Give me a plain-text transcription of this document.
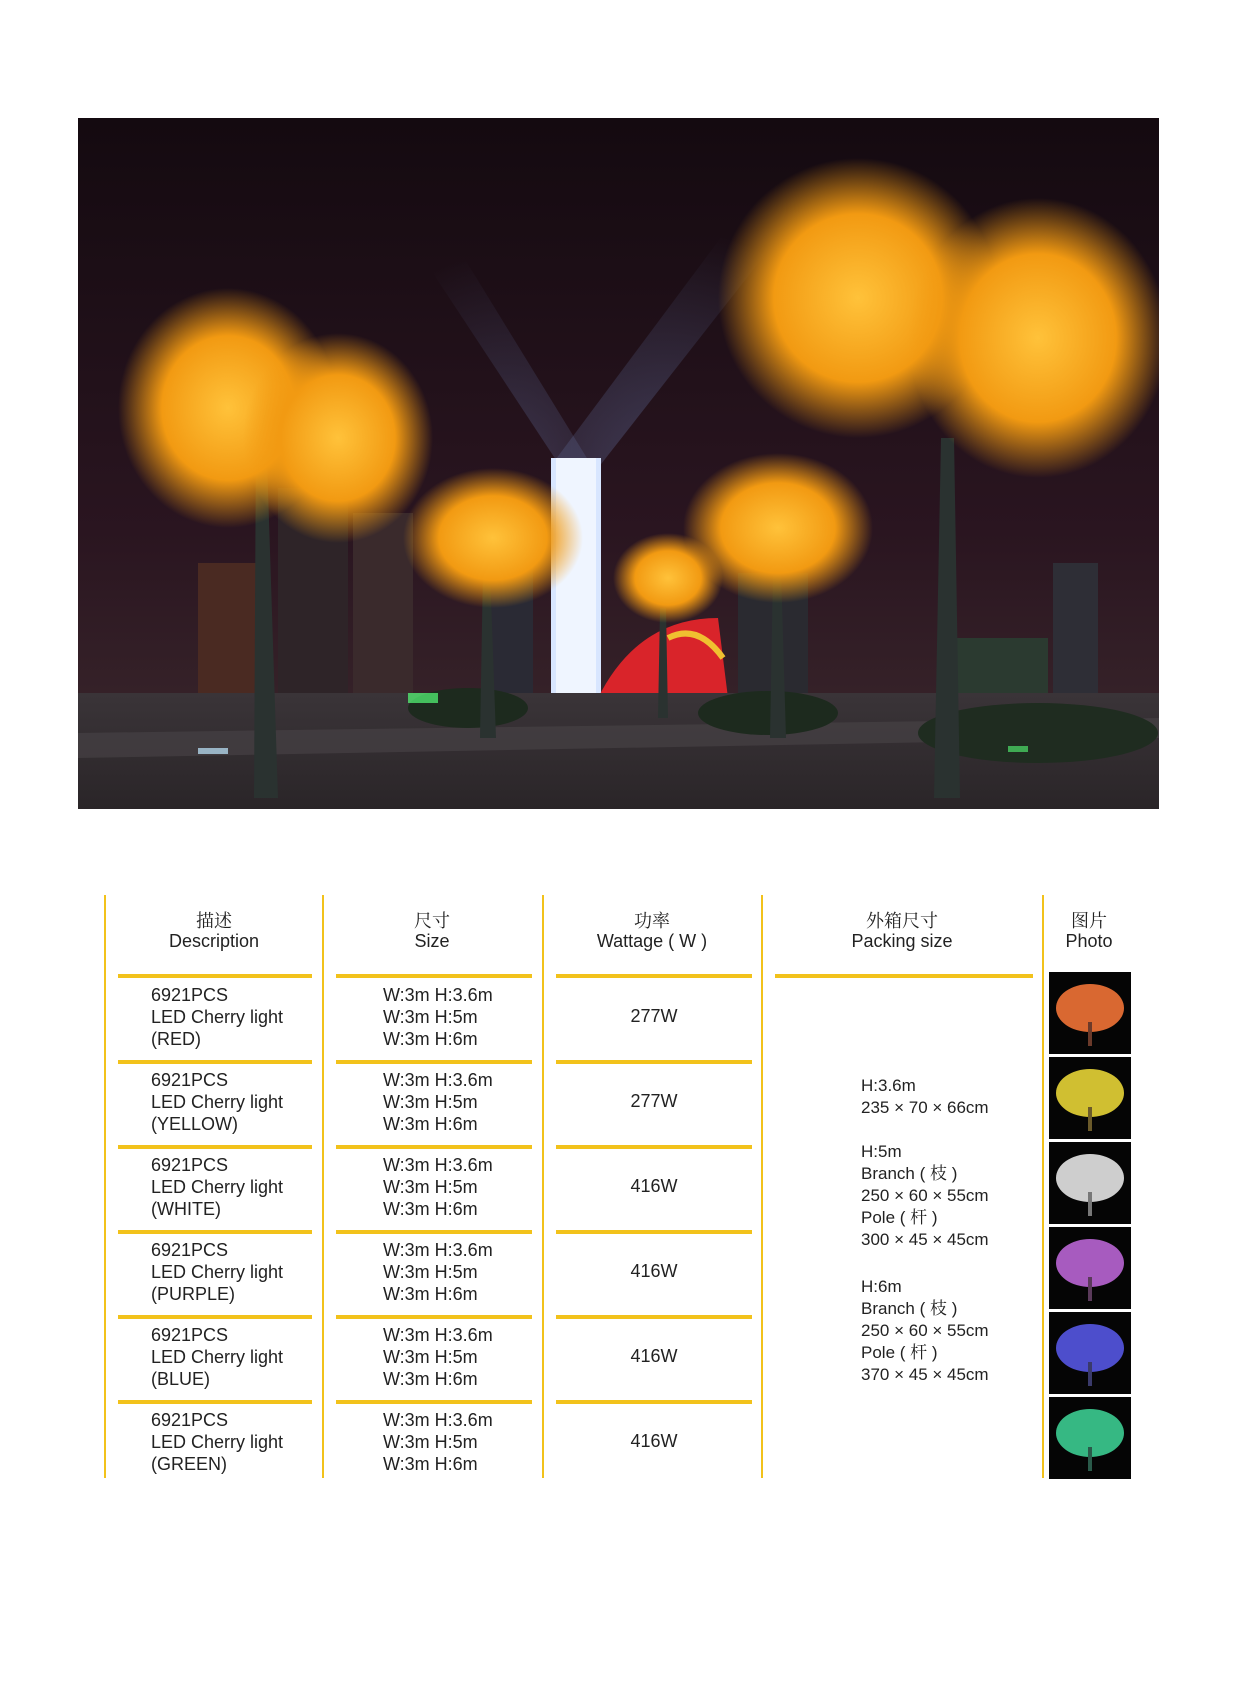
描述
Description
尺寸
Size
功率
Wattage ( W )
外箱尺寸
Packing size
图片
Photo
6921PCS
LED Cherry light
(RED)
W:3m H:3.6m
W:3m H:5m
W:3m H:6m
277W
6921PCS
LED Cherry light
(YELLOW)
W:3m H:3.6m
W:3m H:5m
W:3m H:6m
277W
6921PCS
LED Cherry light
(WHITE)
W:3m H:3.6m
W:3m H:5m
W:3m H:6m
416W
6921PCS
LED Cherry light
(PURPLE)
W:3m H:3.6m
W:3m H:5m
W:3m H:6m
416W
6921PCS
LED Cherry light
(BLUE)
W:3m H:3.6m
W:3m H:5m
W:3m H:6m
416W
6921PCS
LED Cherry light
(GREEN)
W:3m H:3.6m
W:3m H:5m
W:3m H:6m
416W
H:3.6m
235 × 70 × 66cm
H:5m
Branch ( 枝 )
250 × 60 × 55cm
Pole ( 杆 )
300 × 45 × 45cm
H:6m
Branch ( 枝 )
250 × 60 × 55cm
Pole ( 杆 )
370 × 45 × 45cm
